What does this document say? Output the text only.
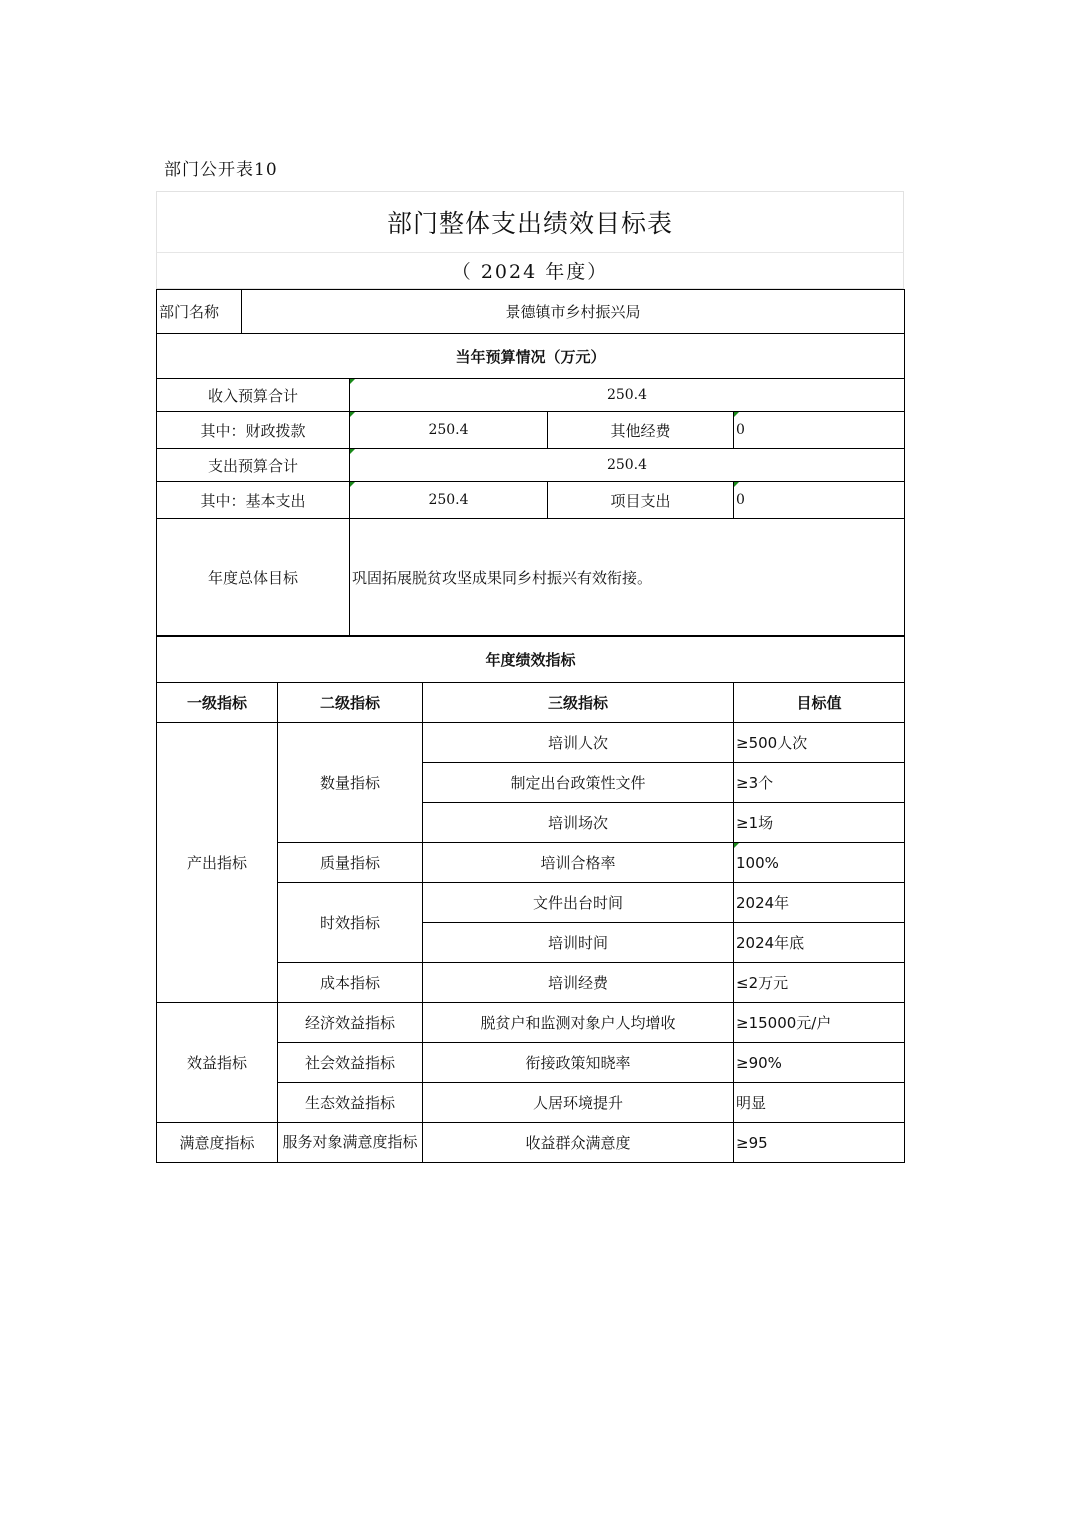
部门公开表10
部门整体支出绩效目标表
（ 2024 年度）
部门名称	景德镇市乡村振兴局			
当年预算情况（万元）				
收入预算合计		250.4		
其中：财政拨款		250.4	其他经费	0
支出预算合计		250.4		
其中：基本支出		250.4	项目支出	0
年度总体目标		巩固拓展脱贫攻坚成果同乡村振兴有效衔接。		
年度绩效指标			
一级指标	二级指标	三级指标	目标值
产出指标	数量指标	培训人次	≥500人次
		制定出台政策性文件	≥3个
		培训场次	≥1场
	质量指标	培训合格率	100%
	时效指标	文件出台时间	2024年
		培训时间	2024年底
	成本指标	培训经费	≤2万元
效益指标	经济效益指标	脱贫户和监测对象户人均增收	≥15000元/户
	社会效益指标	衔接政策知晓率	≥90%
	生态效益指标	人居环境提升	明显
满意度指标	服务对象满意度指标	收益群众满意度	≥95
